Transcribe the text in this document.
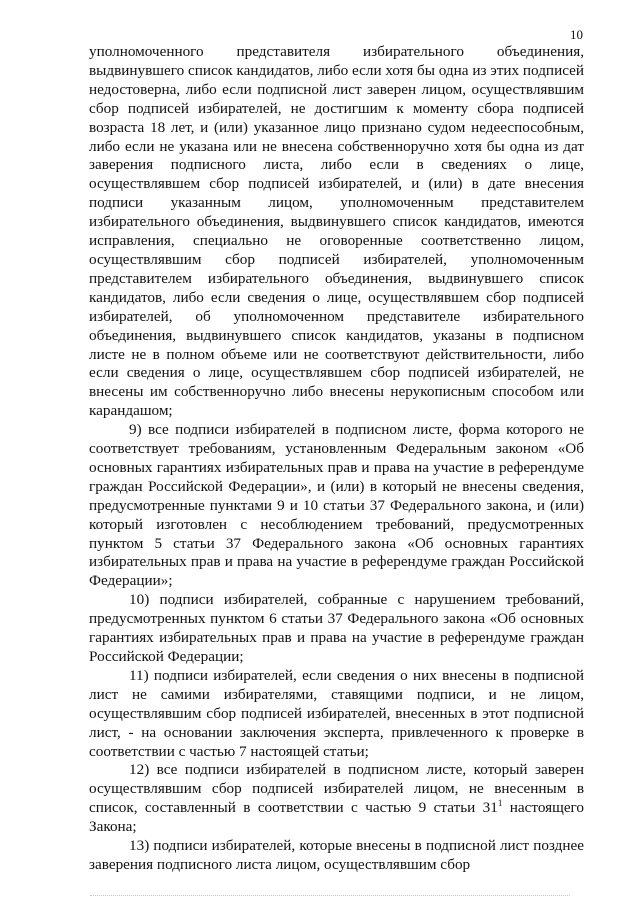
10

уполномоченного представителя избирательного объединения, выдвинувшего список кандидатов, либо если хотя бы одна из этих подписей недостоверна, либо если подписной лист заверен лицом, осуществлявшим сбор подписей избирателей, не достигшим к моменту сбора подписей возраста 18 лет, и (или) указанное лицо признано судом недееспособным, либо если не указана или не внесена собственноручно хотя бы одна из дат заверения подписного листа, либо если в сведениях о лице, осуществлявшем сбор подписей избирателей, и (или) в дате внесения подписи указанным лицом, уполномоченным представителем избирательного объединения, выдвинувшего список кандидатов, имеются исправления, специально не оговоренные соответственно лицом, осуществлявшим сбор подписей избирателей, уполномоченным представителем избирательного объединения, выдвинувшего список кандидатов, либо если сведения о лице, осуществлявшем сбор подписей избирателей, об уполномоченном представителе избирательного объединения, выдвинувшего список кандидатов, указаны в подписном листе не в полном объеме или не соответствуют действительности, либо если сведения о лице, осуществлявшем сбор подписей избирателей, не внесены им собственноручно либо внесены нерукописным способом или карандашом;

9) все подписи избирателей в подписном листе, форма которого не соответствует требованиям, установленным Федеральным законом «Об основных гарантиях избирательных прав и права на участие в референдуме граждан Российской Федерации», и (или) в который не внесены сведения, предусмотренные пунктами 9 и 10 статьи 37 Федерального закона, и (или) который изготовлен с несоблюдением требований, предусмотренных пунктом 5 статьи 37 Федерального закона «Об основных гарантиях избирательных прав и права на участие в референдуме граждан Российской Федерации»;

10) подписи избирателей, собранные с нарушением требований, предусмотренных пунктом 6 статьи 37 Федерального закона «Об основных гарантиях избирательных прав и права на участие в референдуме граждан Российской Федерации;

11) подписи избирателей, если сведения о них внесены в подписной лист не самими избирателями, ставящими подписи, и не лицом, осуществлявшим сбор подписей избирателей, внесенных в этот подписной лист, - на основании заключения эксперта, привлеченного к проверке в соответствии с частью 7 настоящей статьи;

12) все подписи избирателей в подписном листе, который заверен осуществлявшим сбор подписей избирателей лицом, не внесенным в список, составленный в соответствии с частью 9 статьи $31^1$ настоящего Закона;

13) подписи избирателей, которые внесены в подписной лист позднее заверения подписного листа лицом, осуществлявшим сбор
